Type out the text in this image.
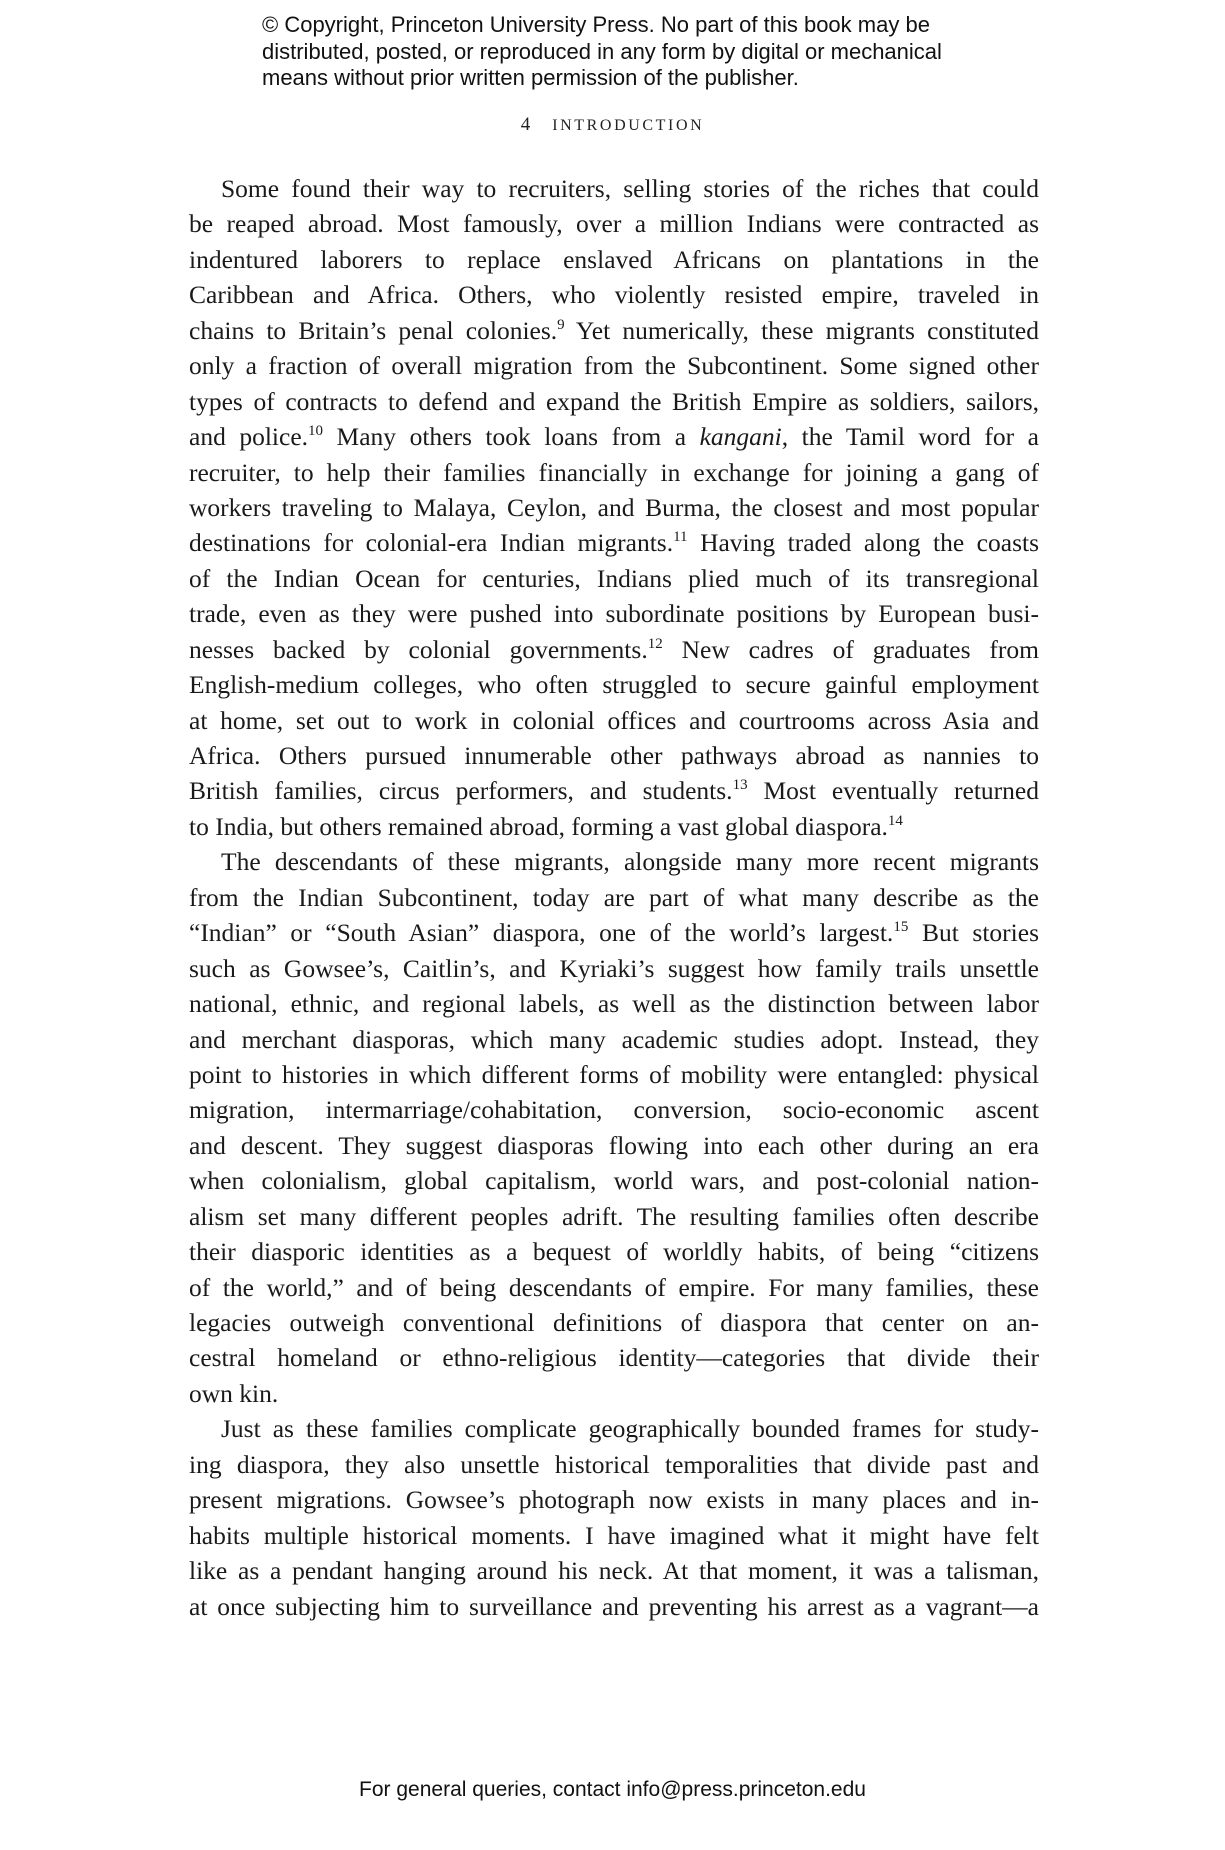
© Copyright, Princeton University Press. No part of this book may be
distributed, posted, or reproduced in any form by digital or mechanical
means without prior written permission of the publisher.
4 INTRODUCTION
Some found their way to recruiters, selling stories of the riches that could
be reaped abroad. Most famously, over a million Indians were contracted as
indentured laborers to replace enslaved Africans on plantations in the
Caribbean and Africa. Others, who violently resisted empire, traveled in
chains to Britain’s penal colonies.$^9$ Yet numerically, these migrants constituted
only a fraction of overall migration from the Subcontinent. Some signed other
types of contracts to defend and expand the British Empire as soldiers, sailors,
and police.$^{10}$ Many others took loans from a kangani, the Tamil word for a
recruiter, to help their families financially in exchange for joining a gang of
workers traveling to Malaya, Ceylon, and Burma, the closest and most popular
destinations for colonial-era Indian migrants.$^{11}$ Having traded along the coasts
of the Indian Ocean for centuries, Indians plied much of its transregional
trade, even as they were pushed into subordinate positions by European busi-
nesses backed by colonial governments.$^{12}$ New cadres of graduates from
English-medium colleges, who often struggled to secure gainful employment
at home, set out to work in colonial offices and courtrooms across Asia and
Africa. Others pursued innumerable other pathways abroad as nannies to
British families, circus performers, and students.$^{13}$ Most eventually returned
to India, but others remained abroad, forming a vast global diaspora.$^{14}$
The descendants of these migrants, alongside many more recent migrants
from the Indian Subcontinent, today are part of what many describe as the
“Indian” or “South Asian” diaspora, one of the world’s largest.$^{15}$ But stories
such as Gowsee’s, Caitlin’s, and Kyriaki’s suggest how family trails unsettle
national, ethnic, and regional labels, as well as the distinction between labor
and merchant diasporas, which many academic studies adopt. Instead, they
point to histories in which different forms of mobility were entangled: physical
migration, intermarriage/cohabitation, conversion, socio-economic ascent
and descent. They suggest diasporas flowing into each other during an era
when colonialism, global capitalism, world wars, and post-colonial nation-
alism set many different peoples adrift. The resulting families often describe
their diasporic identities as a bequest of worldly habits, of being “citizens
of the world,” and of being descendants of empire. For many families, these
legacies outweigh conventional definitions of diaspora that center on an-
cestral homeland or ethno-religious identity—categories that divide their
own kin.
Just as these families complicate geographically bounded frames for study-
ing diaspora, they also unsettle historical temporalities that divide past and
present migrations. Gowsee’s photograph now exists in many places and in-
habits multiple historical moments. I have imagined what it might have felt
like as a pendant hanging around his neck. At that moment, it was a talisman,
at once subjecting him to surveillance and preventing his arrest as a vagrant—a
For general queries, contact info@press.princeton.edu
